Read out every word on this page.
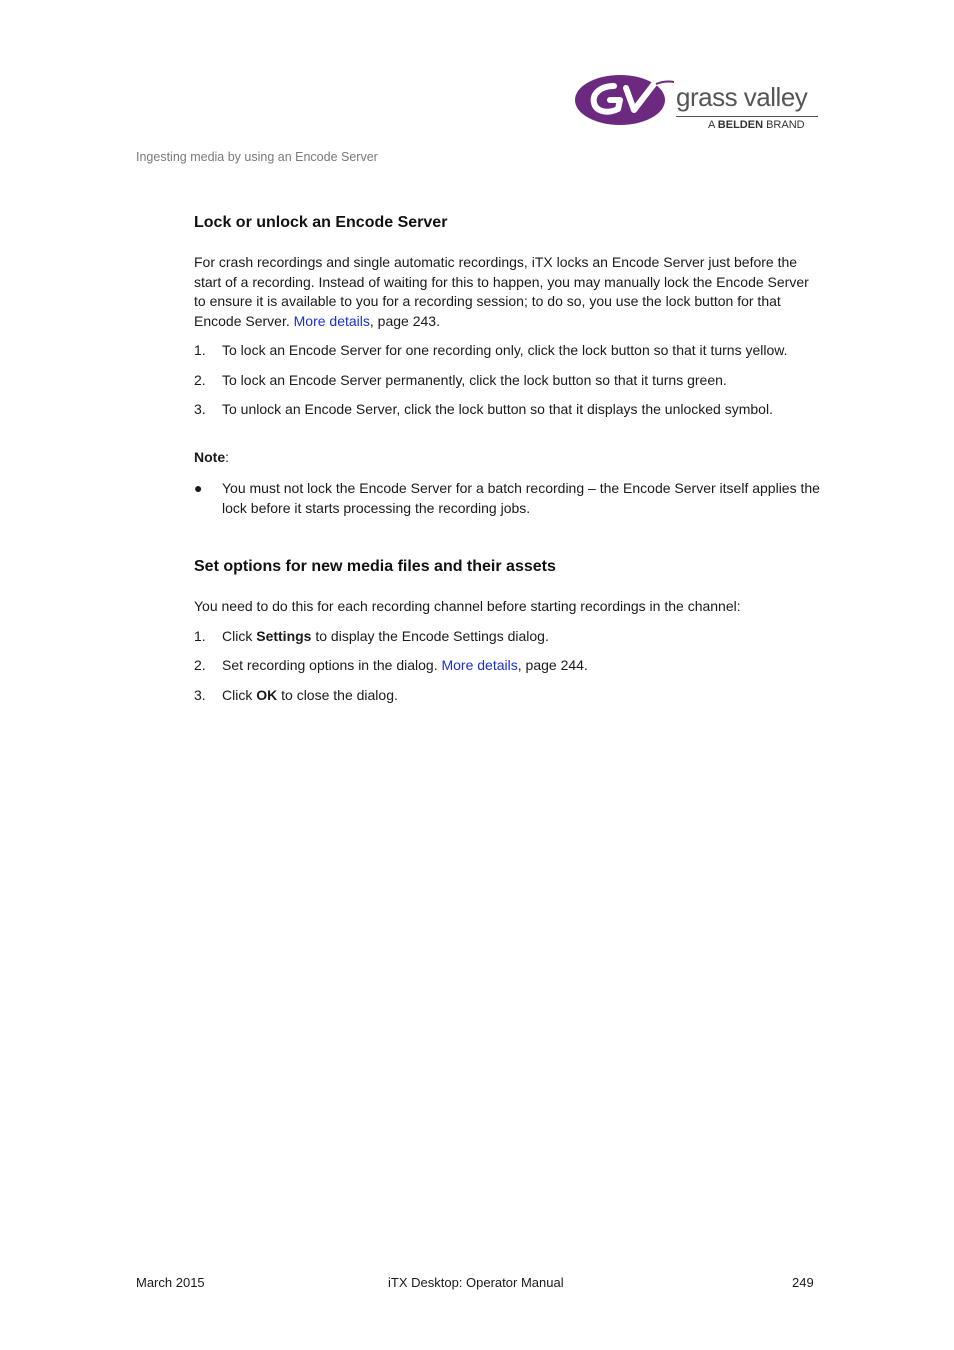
grass valley
A BELDEN BRAND
Ingesting media by using an Encode Server
Lock or unlock an Encode Server

For crash recordings and single automatic recordings, iTX locks an Encode Server just before the start of a recording. Instead of waiting for this to happen, you may manually lock the Encode Server to ensure it is available to you for a recording session; to do so, you use the lock button for that Encode Server. More details, page 243.

1. To lock an Encode Server for one recording only, click the lock button so that it turns yellow.
2. To lock an Encode Server permanently, click the lock button so that it turns green.
3. To unlock an Encode Server, click the lock button so that it displays the unlocked symbol.

Note:

● You must not lock the Encode Server for a batch recording – the Encode Server itself applies the lock before it starts processing the recording jobs.
Set options for new media files and their assets

You need to do this for each recording channel before starting recordings in the channel:

1. Click Settings to display the Encode Settings dialog.
2. Set recording options in the dialog. More details, page 244.
3. Click OK to close the dialog.
March 2015	iTX Desktop: Operator Manual	249
